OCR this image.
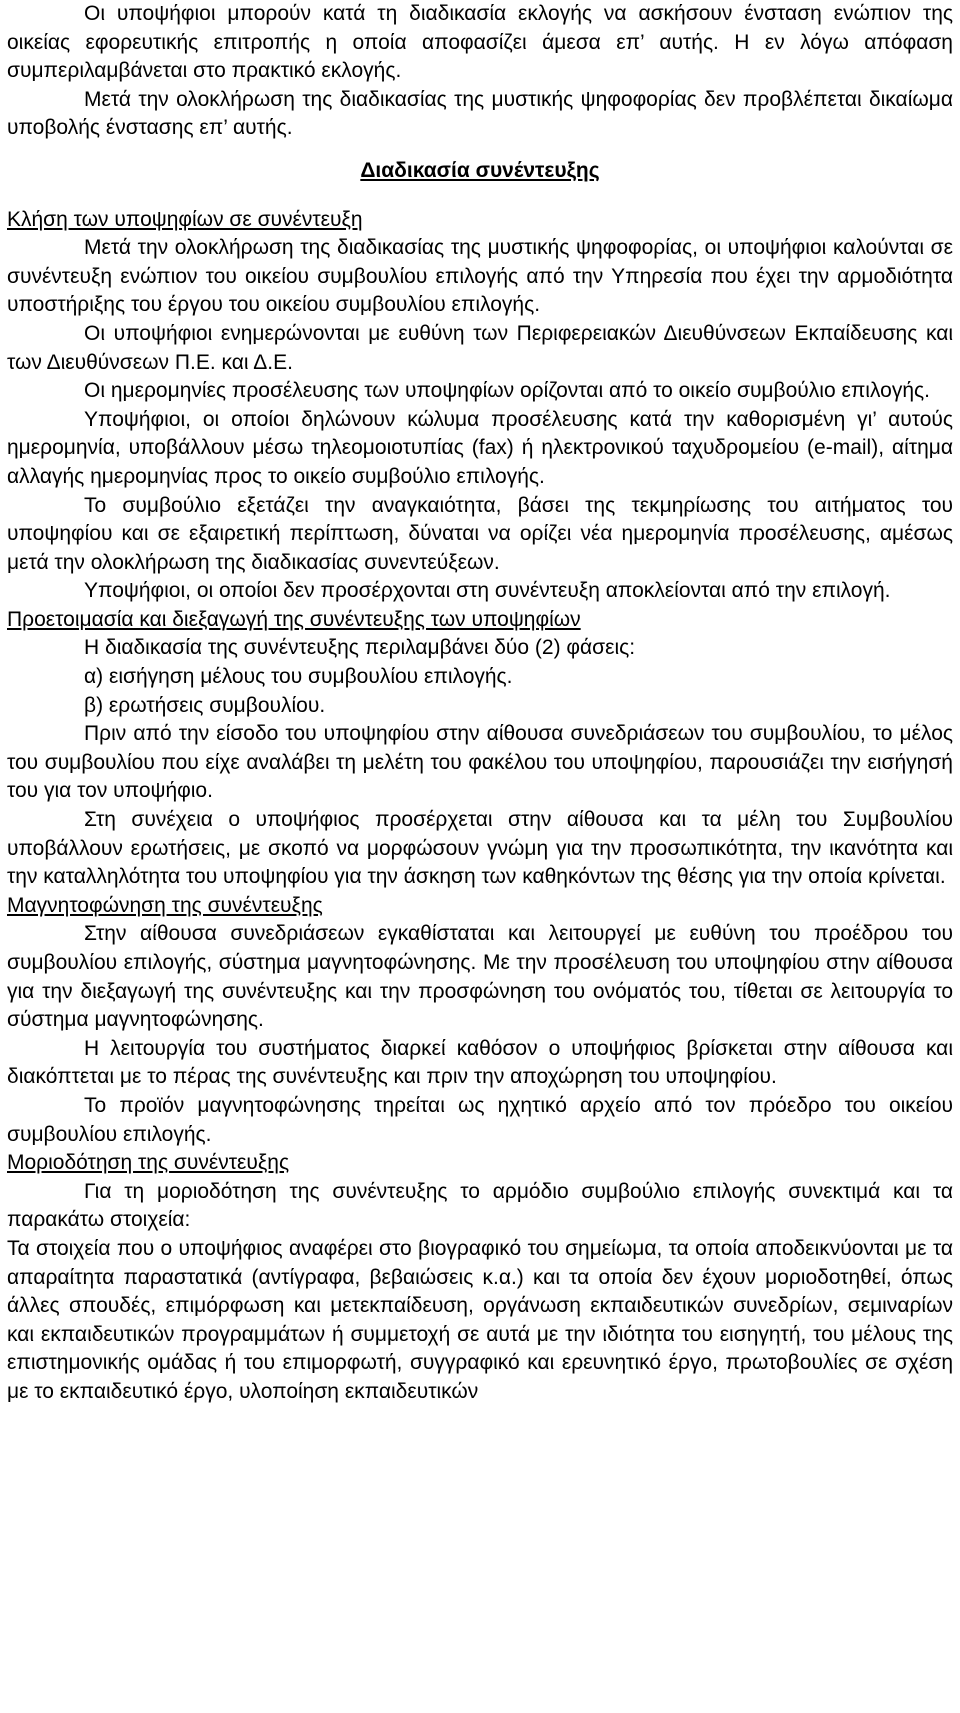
Οι υποψήφιοι μπορούν κατά τη διαδικασία εκλογής να ασκήσουν ένσταση ενώπιον της οικείας εφορευτικής επιτροπής η οποία αποφασίζει άμεσα επ’ αυτής. Η εν λόγω απόφαση συμπεριλαμβάνεται στο πρακτικό εκλογής.

Μετά την ολοκλήρωση της διαδικασίας της μυστικής ψηφοφορίας δεν προβλέπεται δικαίωμα υποβολής ένστασης επ’ αυτής.

Διαδικασία συνέντευξης

Κλήση των υποψηφίων σε συνέντευξη

Μετά την ολοκλήρωση της διαδικασίας της μυστικής ψηφοφορίας, οι υποψήφιοι καλούνται σε συνέντευξη ενώπιον του οικείου συμβουλίου επιλογής από την Υπηρεσία που έχει την αρμοδιότητα υποστήριξης του έργου του οικείου συμβουλίου επιλογής.

Οι υποψήφιοι ενημερώνονται με ευθύνη των Περιφερειακών Διευθύνσεων Εκπαίδευσης και των Διευθύνσεων Π.Ε. και Δ.Ε.

Οι ημερομηνίες προσέλευσης των υποψηφίων ορίζονται από το οικείο συμβούλιο επιλογής.

Υποψήφιοι, οι οποίοι δηλώνουν κώλυμα προσέλευσης κατά την καθορισμένη γι’ αυτούς ημερομηνία, υποβάλλουν μέσω τηλεομοιοτυπίας (fax) ή ηλεκτρονικού ταχυδρομείου (e-mail), αίτημα αλλαγής ημερομηνίας προς το οικείο συμβούλιο επιλογής.

Το συμβούλιο εξετάζει την αναγκαιότητα, βάσει της τεκμηρίωσης του αιτήματος του υποψηφίου και σε εξαιρετική περίπτωση, δύναται να ορίζει νέα ημερομηνία προσέλευσης, αμέσως μετά την ολοκλήρωση της διαδικασίας συνεντεύξεων.

Υποψήφιοι, οι οποίοι δεν προσέρχονται στη συνέντευξη αποκλείονται από την επιλογή.

Προετοιμασία και διεξαγωγή της συνέντευξης των υποψηφίων

Η διαδικασία της συνέντευξης περιλαμβάνει δύο (2) φάσεις:

α) εισήγηση μέλους του συμβουλίου επιλογής.

β) ερωτήσεις συμβουλίου.

Πριν από την είσοδο του υποψηφίου στην αίθουσα συνεδριάσεων του συμβουλίου, το μέλος του συμβουλίου που είχε αναλάβει τη μελέτη του φακέλου του υποψηφίου, παρουσιάζει την εισήγησή του για τον υποψήφιο.

Στη συνέχεια ο υποψήφιος προσέρχεται στην αίθουσα και τα μέλη του Συμβουλίου υποβάλλουν ερωτήσεις, με σκοπό να μορφώσουν γνώμη για την προσωπικότητα, την ικανότητα και την καταλληλότητα του υποψηφίου για την άσκηση των καθηκόντων της θέσης για την οποία κρίνεται.

Μαγνητοφώνηση της συνέντευξης

Στην αίθουσα συνεδριάσεων εγκαθίσταται και λειτουργεί με ευθύνη του προέδρου του συμβουλίου επιλογής, σύστημα μαγνητοφώνησης. Με την προσέλευση του υποψηφίου στην αίθουσα για την διεξαγωγή της συνέντευξης και την προσφώνηση του ονόματός του, τίθεται σε λειτουργία το σύστημα μαγνητοφώνησης.

Η λειτουργία του συστήματος διαρκεί καθόσον ο υποψήφιος βρίσκεται στην αίθουσα και διακόπτεται με το πέρας της συνέντευξης και πριν την αποχώρηση του υποψηφίου.

Το προϊόν μαγνητοφώνησης τηρείται ως ηχητικό αρχείο από τον πρόεδρο του οικείου συμβουλίου επιλογής.

Μοριοδότηση της συνέντευξης

Για τη μοριοδότηση της συνέντευξης το αρμόδιο συμβούλιο επιλογής συνεκτιμά και τα παρακάτω στοιχεία:

Τα στοιχεία που ο υποψήφιος αναφέρει στο βιογραφικό του σημείωμα, τα οποία αποδεικνύονται με τα απαραίτητα παραστατικά (αντίγραφα, βεβαιώσεις κ.α.) και τα οποία δεν έχουν μοριοδοτηθεί, όπως άλλες σπουδές, επιμόρφωση και μετεκπαίδευση, οργάνωση εκπαιδευτικών συνεδρίων, σεμιναρίων και εκπαιδευτικών προγραμμάτων ή συμμετοχή σε αυτά με την ιδιότητα του εισηγητή, του μέλους της επιστημονικής ομάδας ή του επιμορφωτή, συγγραφικό και ερευνητικό έργο, πρωτοβουλίες σε σχέση με το εκπαιδευτικό έργο, υλοποίηση εκπαιδευτικών
